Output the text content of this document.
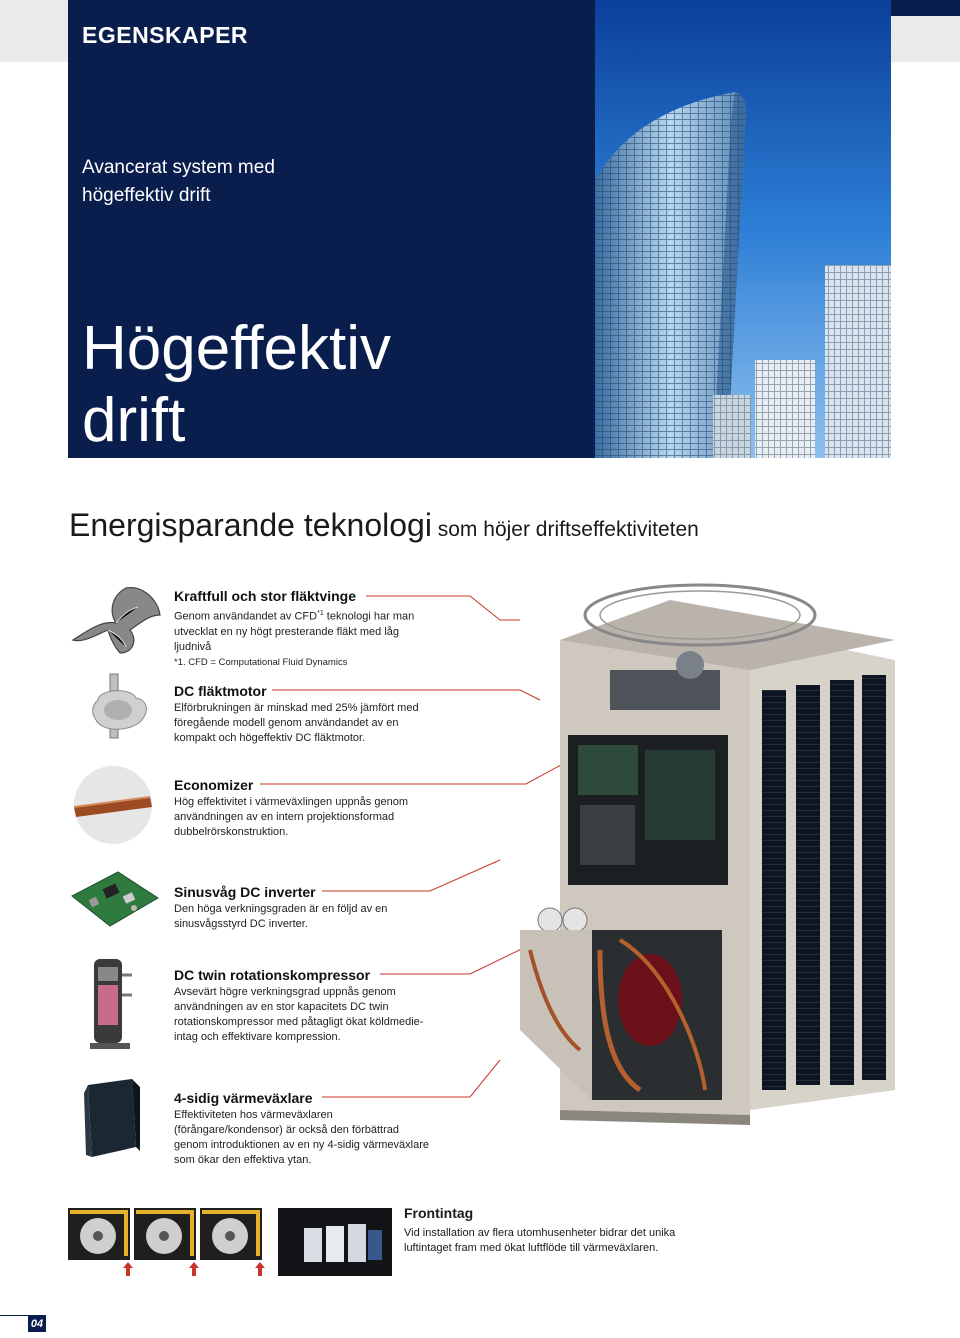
EGENSKAPER
Avancerat system med
högeffektiv drift
Högeffektiv
drift
Energisparande teknologi som höjer driftseffektiviteten
Kraftfull och stor fläktvinge
Genom användandet av CFD$^{*1}$ teknologi har man
utvecklat en ny högt presterande fläkt med låg
ljudnivå
*1. CFD = Computational Fluid Dynamics
DC fläktmotor
Elförbrukningen är minskad med 25% jämfört med
föregående modell genom användandet av en
kompakt och högeffektiv DC fläktmotor.
Economizer
Hög effektivitet i värmeväxlingen uppnås genom
användningen av en intern projektionsformad
dubbelrörskonstruktion.
Sinusvåg DC inverter
Den höga verkningsgraden är en följd av en
sinusvågsstyrd DC inverter.
DC twin rotationskompressor
Avsevärt högre verkningsgrad uppnås genom
användningen av en stor kapacitets DC twin
rotationskompressor med påtagligt ökat köldmedie-
intag och effektivare kompression.
4-sidig värmeväxlare
Effektiviteten hos värmeväxlaren
(förångare/kondensor) är också den förbättrad
genom introduktionen av en ny 4-sidig värmeväxlare
som ökar den effektiva ytan.
Frontintag
Vid installation av flera utomhusenheter bidrar det unika
luftintaget fram med ökat luftflöde till värmeväxlaren.
04
